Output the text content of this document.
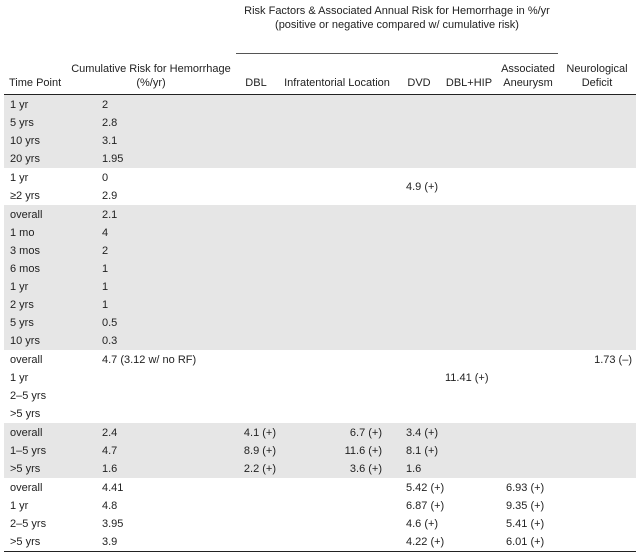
Time Point	Cumulative Risk for Hemorrhage (%/yr)	Risk Factors & Associated Annual Risk for Hemorrhage in %/yr (positive or negative compared w/ cumulative risk)					Neurological Deficit
		DBL	Infratentorial Location	DVD	DBL+HIP	Associated Aneurysm	
1 yr	2						
5 yrs	2.8						
10 yrs	3.1						
20 yrs	1.95						
1 yr	0			4.9 (+)			
≥2 yrs	2.9						
overall	2.1						
1 mo	4						
3 mos	2						
6 mos	1						
1 yr	1						
2 yrs	1						
5 yrs	0.5						
10 yrs	0.3						
overall	4.7 (3.12 w/ no RF)						1.73 (–)
1 yr					11.41 (+)		
2–5 yrs							
>5 yrs							
overall	2.4	4.1 (+)	6.7 (+)	3.4 (+)			
1–5 yrs	4.7	8.9 (+)	11.6 (+)	8.1 (+)			
>5 yrs	1.6	2.2 (+)	3.6 (+)	1.6			
overall	4.41			5.42 (+)		6.93 (+)	
1 yr	4.8			6.87 (+)		9.35 (+)	
2–5 yrs	3.95			4.6 (+)		5.41 (+)	
>5 yrs	3.9			4.22 (+)		6.01 (+)	
